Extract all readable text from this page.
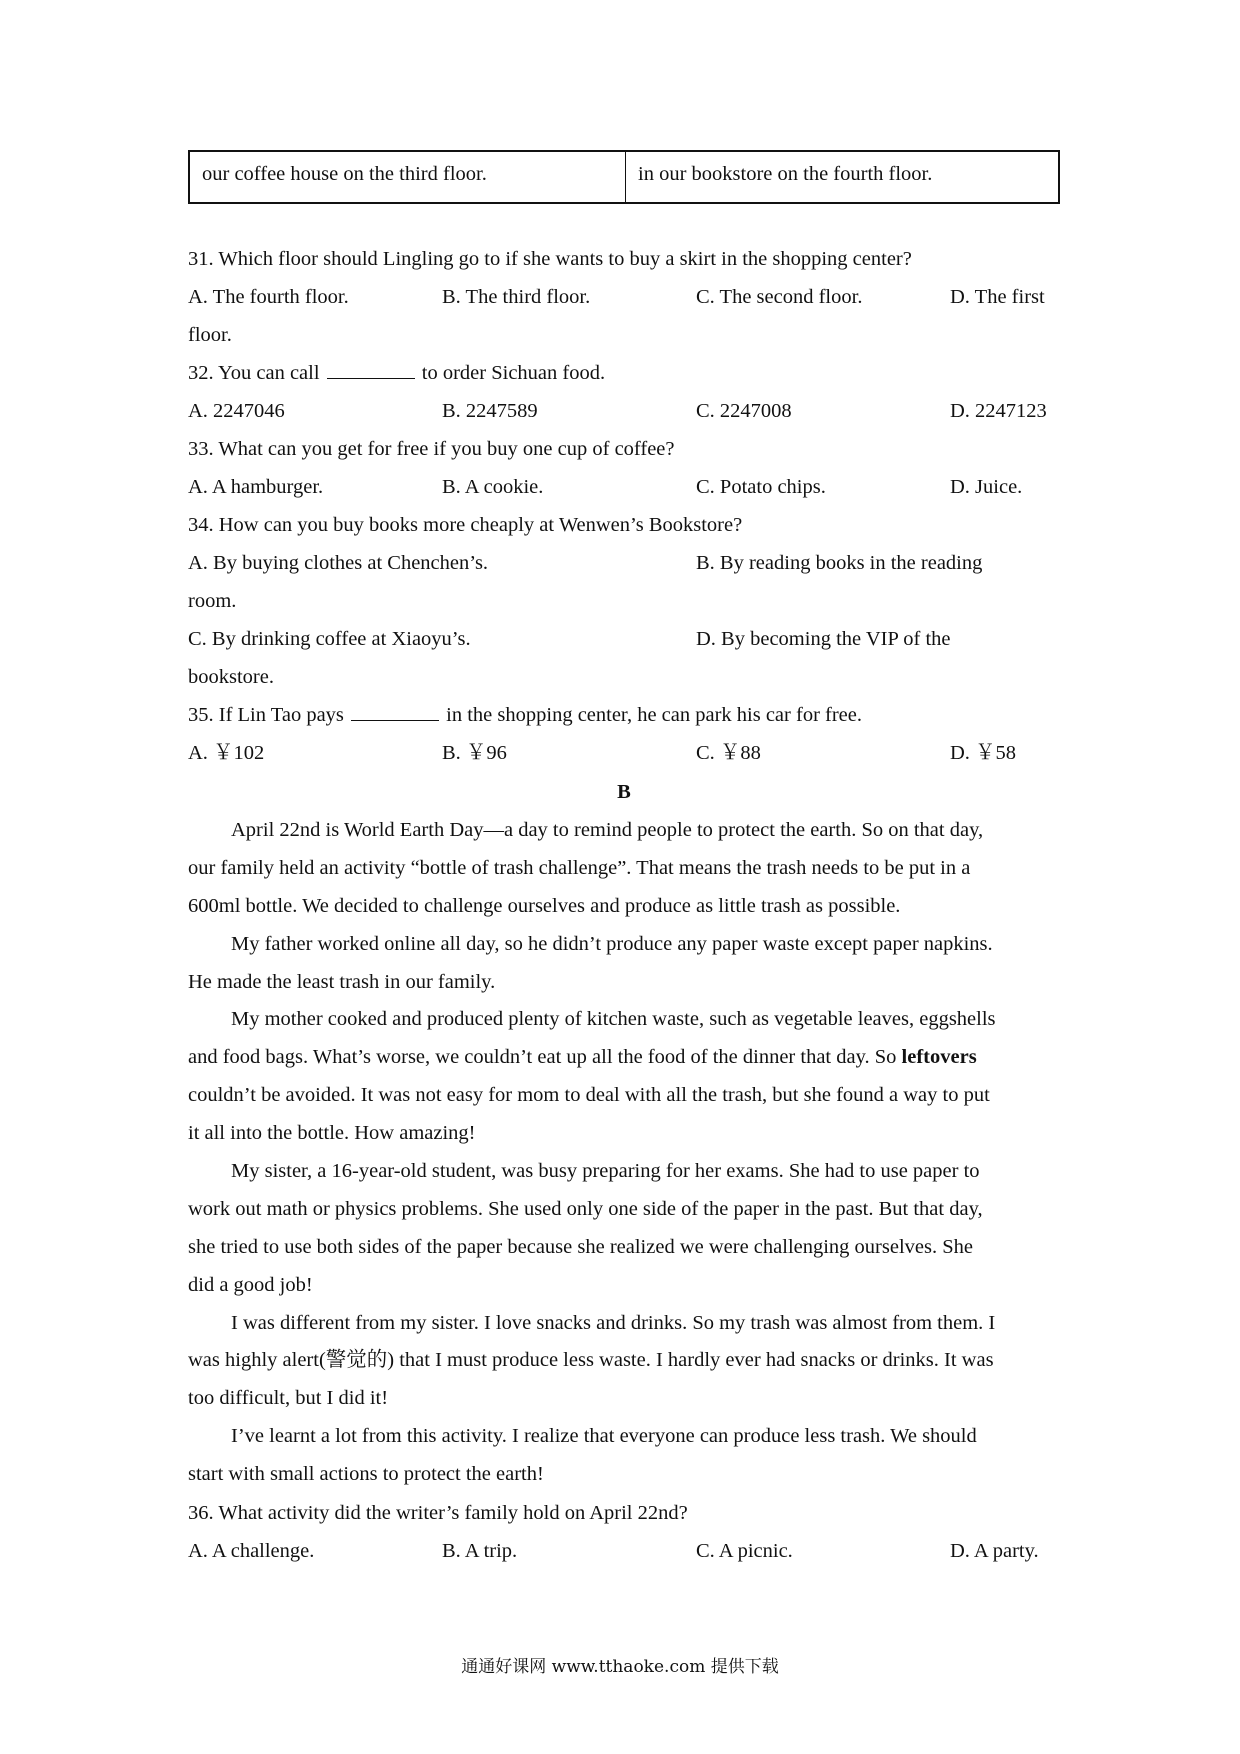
our coffee house on the third floor.	in our bookstore on the fourth floor.
31. Which floor should Lingling go to if she wants to buy a skirt in the shopping center?
A. The fourth floor.	B. The third floor.	C. The second floor.	D. The first
floor.
32. You can call	to order Sichuan food.
A. 2247046	B. 2247589	C. 2247008	D. 2247123
33. What can you get for free if you buy one cup of coffee?
A. A hamburger.	B. A cookie.	C. Potato chips.	D. Juice.
34. How can you buy books more cheaply at Wenwen’s Bookstore?
A. By buying clothes at Chenchen’s.	B. By reading books in the reading
room.
C. By drinking coffee at Xiaoyu’s.	D. By becoming the VIP of the
bookstore.
35. If Lin Tao pays	in the shopping center, he can park his car for free.
A. ￥102	B. ￥96	C. ￥88	D. ￥58
B
April 22nd is World Earth Day—a day to remind people to protect the earth. So on that day,
our family held an activity “bottle of trash challenge”. That means the trash needs to be put in a
600ml bottle. We decided to challenge ourselves and produce as little trash as possible.
My father worked online all day, so he didn’t produce any paper waste except paper napkins.
He made the least trash in our family.
My mother cooked and produced plenty of kitchen waste, such as vegetable leaves, eggshells
and food bags. What’s worse, we couldn’t eat up all the food of the dinner that day. So leftovers
couldn’t be avoided. It was not easy for mom to deal with all the trash, but she found a way to put
it all into the bottle. How amazing!
My sister, a 16-year-old student, was busy preparing for her exams. She had to use paper to
work out math or physics problems. She used only one side of the paper in the past. But that day,
she tried to use both sides of the paper because she realized we were challenging ourselves. She
did a good job!
I was different from my sister. I love snacks and drinks. So my trash was almost from them. I
was highly alert(警觉的) that I must produce less waste. I hardly ever had snacks or drinks. It was
too difficult, but I did it!
I’ve learnt a lot from this activity. I realize that everyone can produce less trash. We should
start with small actions to protect the earth!
36. What activity did the writer’s family hold on April 22nd?
A. A challenge.	B. A trip.	C. A picnic.	D. A party.
通通好课网 www.tthaoke.com 提供下载
